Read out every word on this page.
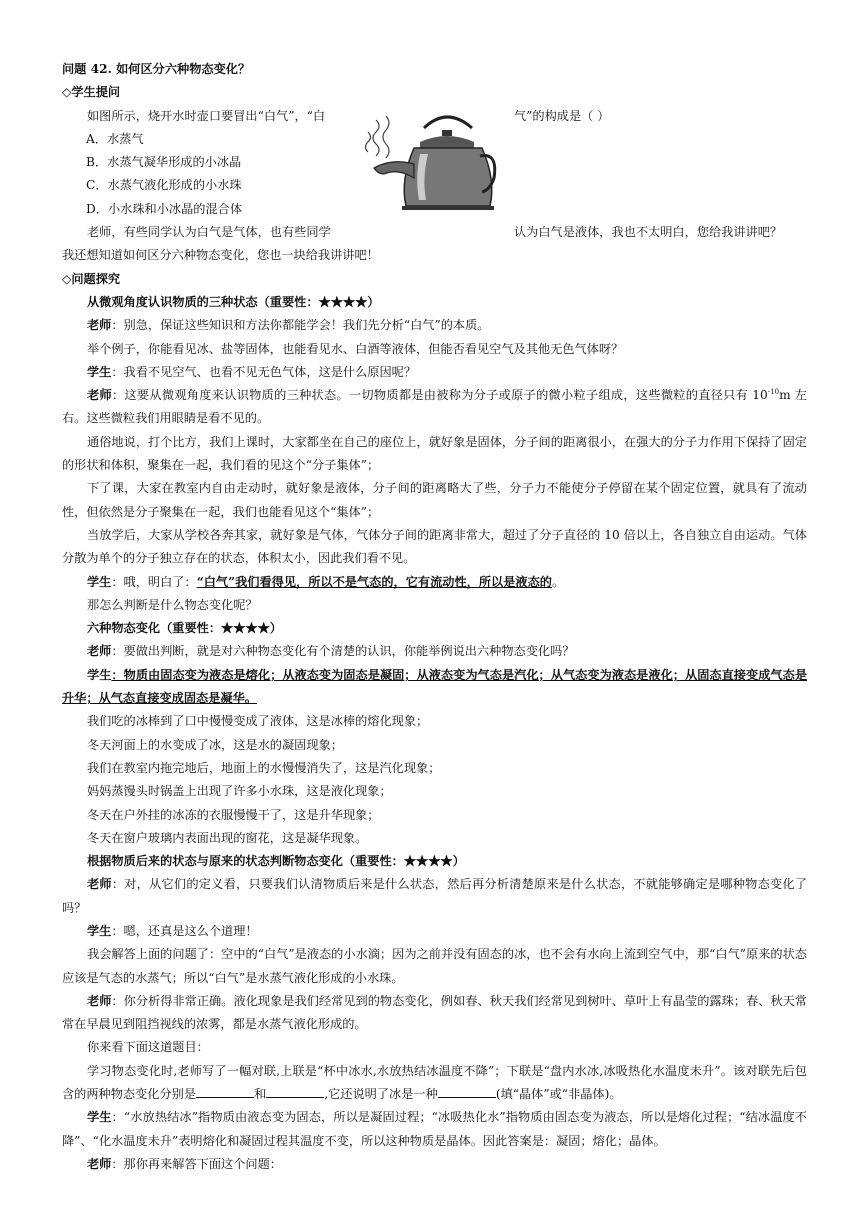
问题 42. 如何区分六种物态变化？

◇学生提问

如图所示，烧开水时壶口要冒出“白气”，“白	气”的构成是（ ）

A．水蒸气

B．水蒸气凝华形成的小冰晶

C．水蒸气液化形成的小水珠

D．小水珠和小冰晶的混合体

老师，有些同学认为白气是气体，也有些同学	认为白气是液体，我也不太明白，您给我讲讲吧？

我还想知道如何区分六种物态变化，您也一块给我讲讲吧！

◇问题探究

从微观角度认识物质的三种状态（重要性：★★★★）

老师：别急，保证这些知识和方法你都能学会！我们先分析“白气”的本质。

举个例子，你能看见冰、盐等固体，也能看见水、白酒等液体，但能否看见空气及其他无色气体呀？

学生：我看不见空气、也看不见无色气体，这是什么原因呢？

老师：这要从微观角度来认识物质的三种状态。一切物质都是由被称为分子或原子的微小粒子组成，这些微粒的直径只有 $10^{-10}m$ 左右。这些微粒我们用眼睛是看不见的。

通俗地说，打个比方，我们上课时，大家都坐在自己的座位上，就好象是固体，分子间的距离很小，在强大的分子力作用下保持了固定的形状和体积，聚集在一起，我们看的见这个“分子集体”；

下了课，大家在教室内自由走动时，就好象是液体，分子间的距离略大了些，分子力不能使分子停留在某个固定位置，就具有了流动性，但依然是分子聚集在一起，我们也能看见这个“集体”；

当放学后，大家从学校各奔其家，就好象是气体，气体分子间的距离非常大，超过了分子直径的 10 倍以上，各自独立自由运动。气体分散为单个的分子独立存在的状态，体积太小，因此我们看不见。

学生：哦，明白了：“白气”我们看得见，所以不是气态的，它有流动性，所以是液态的。

那怎么判断是什么物态变化呢？

六种物态变化（重要性：★★★★）

老师：要做出判断，就是对六种物态变化有个清楚的认识，你能举例说出六种物态变化吗？

学生：物质由固态变为液态是熔化；从液态变为固态是凝固；从液态变为气态是汽化；从气态变为液态是液化；从固态直接变成气态是升华；从气态直接变成固态是凝华。

我们吃的冰棒到了口中慢慢变成了液体，这是冰棒的熔化现象；

冬天河面上的水变成了冰，这是水的凝固现象；

我们在教室内拖完地后，地面上的水慢慢消失了，这是汽化现象；

妈妈蒸馒头时锅盖上出现了许多小水珠，这是液化现象；

冬天在户外挂的冰冻的衣服慢慢干了，这是升华现象；

冬天在窗户玻璃内表面出现的窗花，这是凝华现象。

根据物质后来的状态与原来的状态判断物态变化（重要性：★★★★）

老师：对，从它们的定义看，只要我们认清物质后来是什么状态，然后再分析清楚原来是什么状态，不就能够确定是哪种物态变化了吗？

学生：嗯，还真是这么个道理！

我会解答上面的问题了：空中的“白气”是液态的小水滴；因为之前并没有固态的冰，也不会有水向上流到空气中，那“白气”原来的状态应该是气态的水蒸气；所以“白气”是水蒸气液化形成的小水珠。

老师：你分析得非常正确。液化现象是我们经常见到的物态变化，例如春、秋天我们经常见到树叶、草叶上有晶莹的露珠；春、秋天常常在早晨见到阻挡视线的浓雾，都是水蒸气液化形成的。

你来看下面这道题目：

学习物态变化时,老师写了一幅对联,上联是“杯中冰水,水放热结冰温度不降”；下联是“盘内水冰,冰吸热化水温度未升”。该对联先后包含的两种物态变化分别是	和	,它还说明了冰是一种	(填“晶体”或“非晶体)。

学生：“水放热结冰”指物质由液态变为固态，所以是凝固过程；“冰吸热化水”指物质由固态变为液态，所以是熔化过程；“结冰温度不降”、“化水温度未升”表明熔化和凝固过程其温度不变，所以这种物质是晶体。因此答案是：凝固；熔化；晶体。

老师：那你再来解答下面这个问题：
